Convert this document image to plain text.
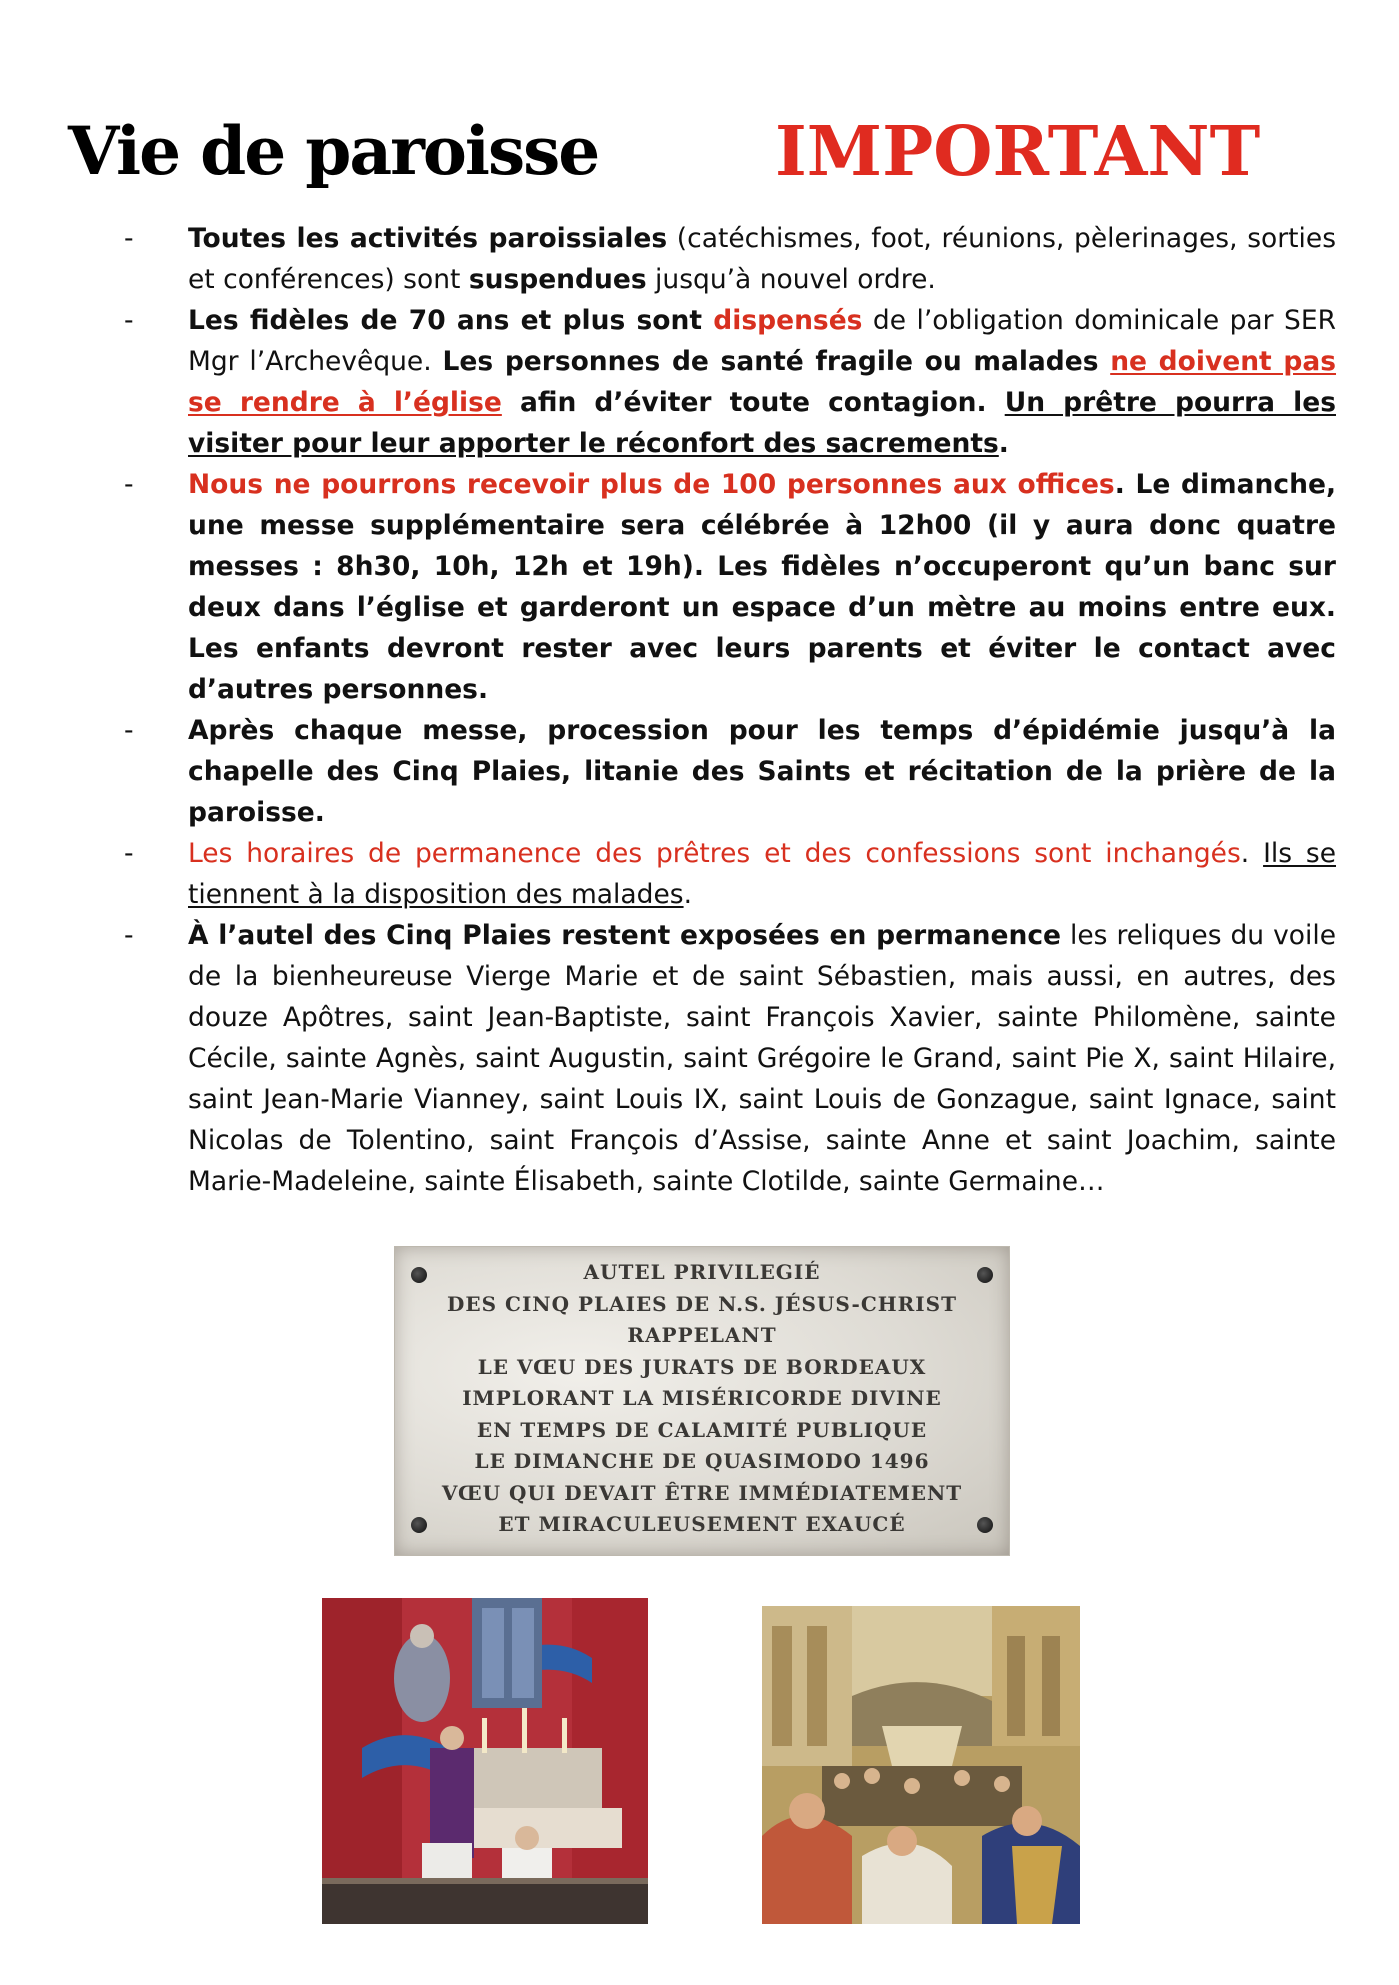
Vie de paroisse	IMPORTANT
- Toutes les activités paroissiales (catéchismes, foot, réunions, pèlerinages, sorties et conférences) sont suspendues jusqu’à nouvel ordre.
- Les fidèles de 70 ans et plus sont dispensés de l’obligation dominicale par SER Mgr l’Archevêque. Les personnes de santé fragile ou malades ne doivent pas se rendre à l’église afin d’éviter toute contagion. Un prêtre pourra les visiter pour leur apporter le réconfort des sacrements.
- Nous ne pourrons recevoir plus de 100 personnes aux offices. Le dimanche, une messe supplémentaire sera célébrée à 12h00 (il y aura donc quatre messes : 8h30, 10h, 12h et 19h). Les fidèles n’occuperont qu’un banc sur deux dans l’église et garderont un espace d’un mètre au moins entre eux. Les enfants devront rester avec leurs parents et éviter le contact avec d’autres personnes.
- Après chaque messe, procession pour les temps d’épidémie jusqu’à la chapelle des Cinq Plaies, litanie des Saints et récitation de la prière de la paroisse.
- Les horaires de permanence des prêtres et des confessions sont inchangés. Ils se tiennent à la disposition des malades.
- À l’autel des Cinq Plaies restent exposées en permanence les reliques du voile de la bienheureuse Vierge Marie et de saint Sébastien, mais aussi, en autres, des douze Apôtres, saint Jean-Baptiste, saint François Xavier, sainte Philomène, sainte Cécile, sainte Agnès, saint Augustin, saint Grégoire le Grand, saint Pie X, saint Hilaire, saint Jean-Marie Vianney, saint Louis IX, saint Louis de Gonzague, saint Ignace, saint Nicolas de Tolentino, saint François d’Assise, sainte Anne et saint Joachim, sainte Marie-Madeleine, sainte Élisabeth, sainte Clotilde, sainte Germaine…
AUTEL PRIVILEGIÉ
DES CINQ PLAIES DE N.S. JÉSUS-CHRIST
RAPPELANT
LE VŒU DES JURATS DE BORDEAUX
IMPLORANT LA MISÉRICORDE DIVINE
EN TEMPS DE CALAMITÉ PUBLIQUE
LE DIMANCHE DE QUASIMODO 1496
VŒU QUI DEVAIT ÊTRE IMMÉDIATEMENT
ET MIRACULEUSEMENT EXAUCÉ
